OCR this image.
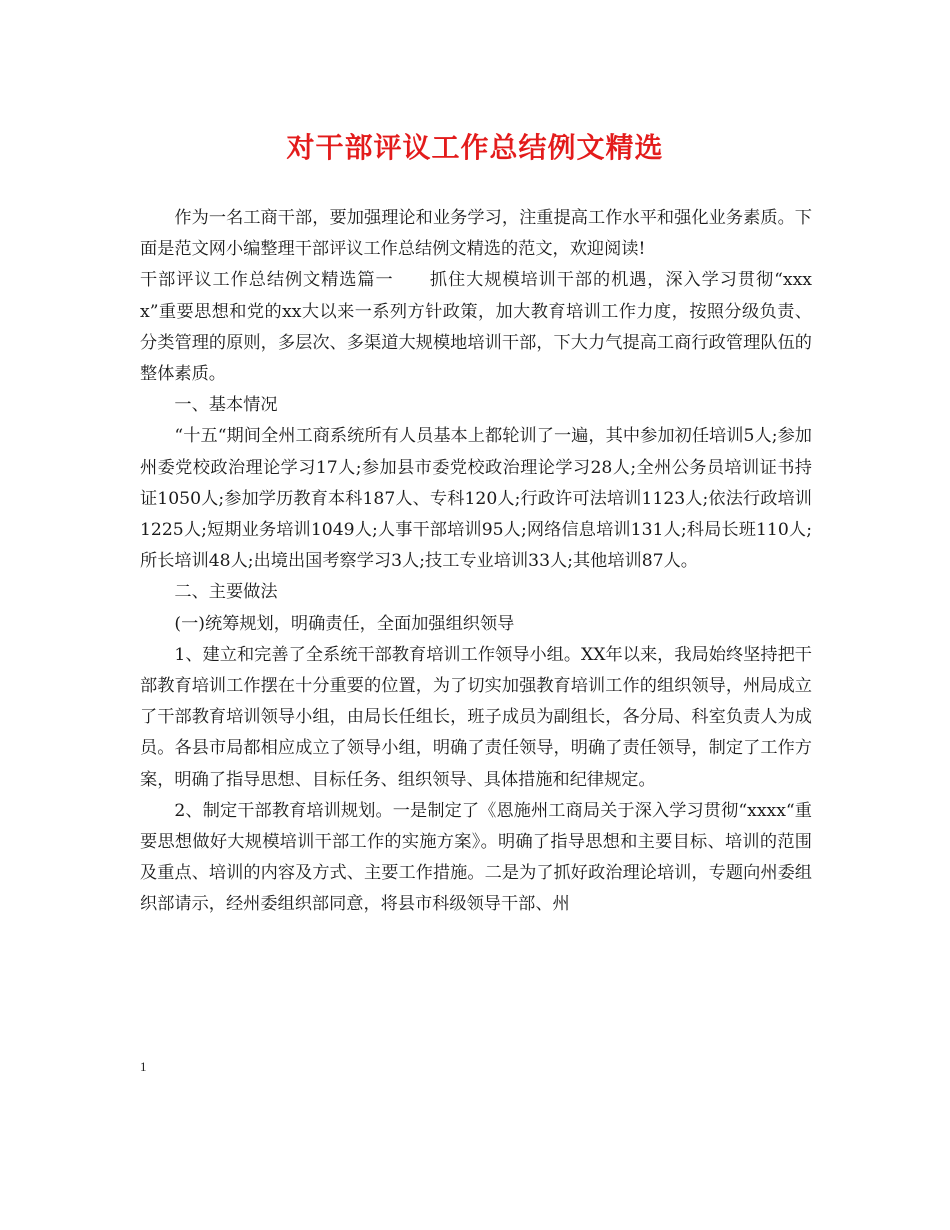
对干部评议工作总结例文精选

作为一名工商干部，要加强理论和业务学习，注重提高工作水平和强化业务素质。下面是范文网小编整理干部评议工作总结例文精选的范文，欢迎阅读!

干部评议工作总结例文精选篇一　　抓住大规模培训干部的机遇，深入学习贯彻“xxxx”重要思想和党的xx大以来一系列方针政策，加大教育培训工作力度，按照分级负责、分类管理的原则，多层次、多渠道大规模地培训干部，下大力气提高工商行政管理队伍的整体素质。

一、基本情况

“十五“期间全州工商系统所有人员基本上都轮训了一遍，其中参加初任培训5人;参加州委党校政治理论学习17人;参加县市委党校政治理论学习28人;全州公务员培训证书持证1050人;参加学历教育本科187人、专科120人;行政许可法培训1123人;依法行政培训1225人;短期业务培训1049人;人事干部培训95人;网络信息培训131人;科局长班110人;所长培训48人;出境出国考察学习3人;技工专业培训33人;其他培训87人。

二、主要做法

(一)统筹规划，明确责任，全面加强组织领导

1、建立和完善了全系统干部教育培训工作领导小组。XX年以来，我局始终坚持把干部教育培训工作摆在十分重要的位置，为了切实加强教育培训工作的组织领导，州局成立了干部教育培训领导小组，由局长任组长，班子成员为副组长，各分局、科室负责人为成员。各县市局都相应成立了领导小组，明确了责任领导，明确了责任领导，制定了工作方案，明确了指导思想、目标任务、组织领导、具体措施和纪律规定。

2、制定干部教育培训规划。一是制定了《恩施州工商局关于深入学习贯彻“xxxx“重要思想做好大规模培训干部工作的实施方案》。明确了指导思想和主要目标、培训的范围及重点、培训的内容及方式、主要工作措施。二是为了抓好政治理论培训，专题向州委组织部请示，经州委组织部同意，将县市科级领导干部、州

1
